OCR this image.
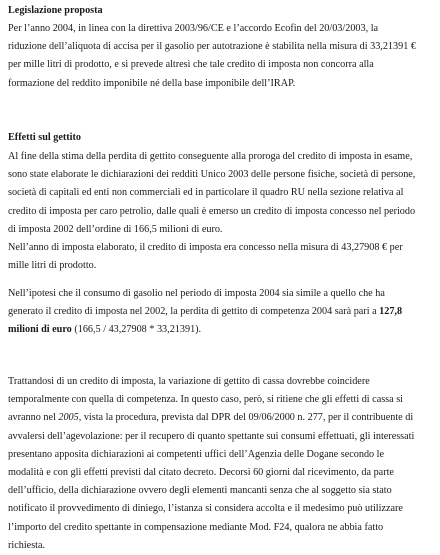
Legislazione proposta
Per l’anno 2004, in linea con la direttiva 2003/96/CE e l’accordo Ecofin del 20/03/2003, la
riduzione dell’aliquota di accisa per il gasolio per autotrazione è stabilita nella misura di 33,21391 €
per mille litri di prodotto, e si prevede altresì che tale credito di imposta non concorra alla
formazione del reddito imponibile né della base imponibile dell’IRAP.
Effetti sul gettito
Al fine della stima della perdita di gettito conseguente alla proroga del credito di imposta in esame,
sono state elaborate le dichiarazioni dei redditi Unico 2003 delle persone fisiche, società di persone,
società di capitali ed enti non commerciali ed in particolare il quadro RU nella sezione relativa al
credito di imposta per caro petrolio, dalle quali è emerso un credito di imposta concesso nel periodo
di imposta 2002 dell’ordine di 166,5 milioni di euro.
Nell’anno di imposta elaborato, il credito di imposta era concesso nella misura di 43,27908 € per
mille litri di prodotto.
Nell’ipotesi che il consumo di gasolio nel periodo di imposta 2004 sia simile a quello che ha
generato il credito di imposta nel 2002, la perdita di gettito di competenza 2004 sarà pari a 127,8
milioni di euro (166,5 / 43,27908 * 33,21391).
Trattandosi di un credito di imposta, la variazione di gettito di cassa dovrebbe coincidere
temporalmente con quella di competenza. In questo caso, però, si ritiene che gli effetti di cassa si
avranno nel 2005, vista la procedura, prevista dal DPR del 09/06/2000 n. 277, per il contribuente di
avvalersi dell’agevolazione: per il recupero di quanto spettante sui consumi effettuati, gli interessati
presentano apposita dichiarazioni ai competenti uffici dell’Agenzia delle Dogane secondo le
modalità e con gli effetti previsti dal citato decreto. Decorsi 60 giorni dal ricevimento, da parte
dell’ufficio, della dichiarazione ovvero degli elementi mancanti senza che al soggetto sia stato
notificato il provvedimento di diniego, l’istanza si considera accolta e il medesimo può utilizzare
l’importo del credito spettante in compensazione mediante Mod. F24, qualora ne abbia fatto
richiesta.
